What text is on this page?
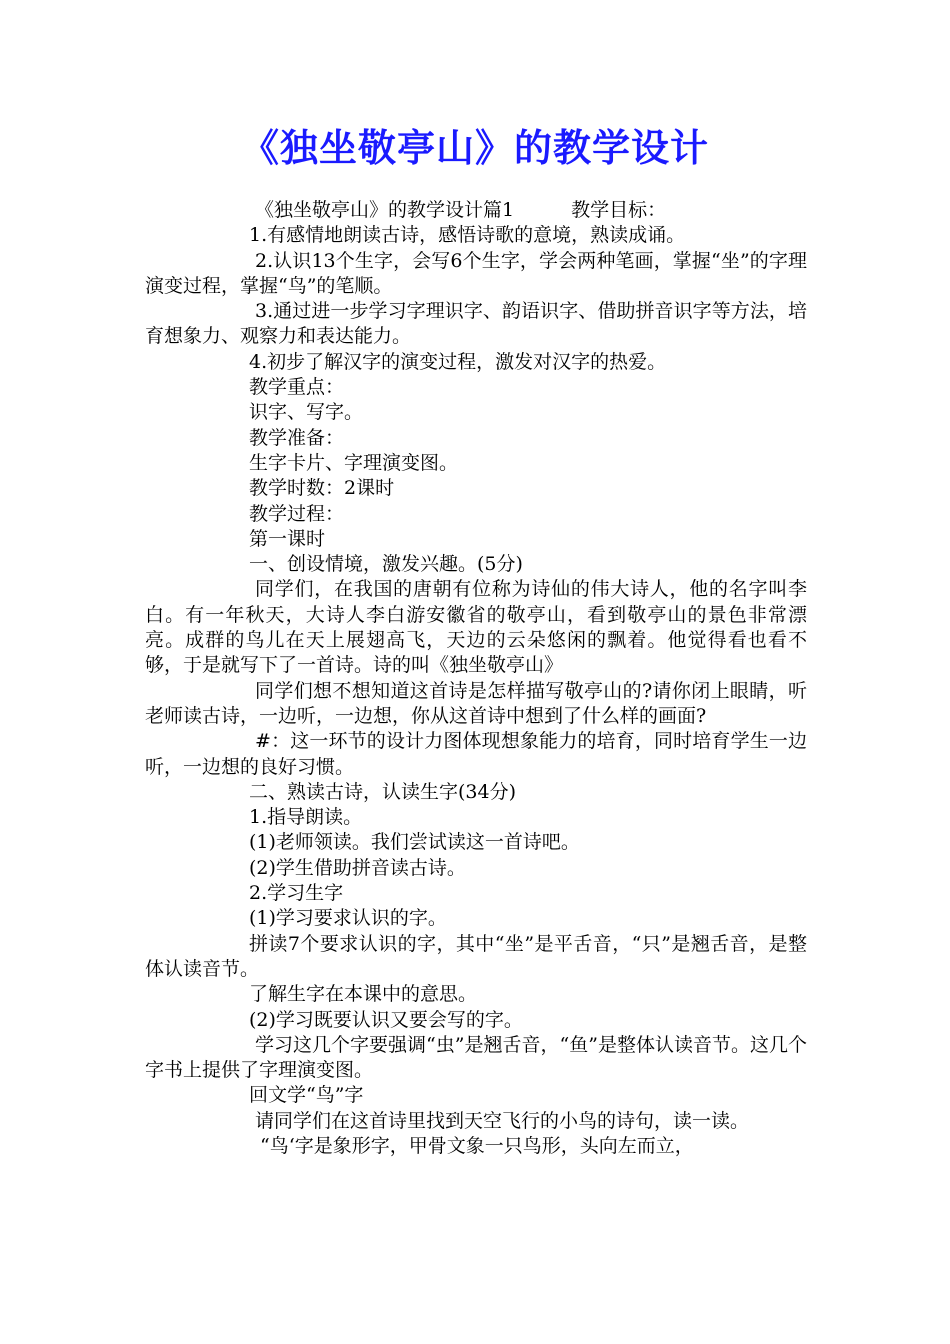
《独坐敬亭山》的教学设计

《独坐敬亭山》的教学设计篇1　　　教学目标：

1.有感情地朗读古诗，感悟诗歌的意境，熟读成诵。

2.认识13个生字，会写6个生字，学会两种笔画，掌握“坐”的字理演变过程，掌握“鸟”的笔顺。

3.通过进一步学习字理识字、韵语识字、借助拼音识字等方法，培育想象力、观察力和表达能力。

4.初步了解汉字的演变过程，激发对汉字的热爱。

教学重点：

识字、写字。

教学准备：

生字卡片、字理演变图。

教学时数：2课时

教学过程：

第一课时

一、创设情境，激发兴趣。(5分)

同学们，在我国的唐朝有位称为诗仙的伟大诗人，他的名字叫李白。有一年秋天，大诗人李白游安徽省的敬亭山，看到敬亭山的景色非常漂亮。成群的鸟儿在天上展翅高飞，天边的云朵悠闲的飘着。他觉得看也看不够，于是就写下了一首诗。诗的叫《独坐敬亭山》

同学们想不想知道这首诗是怎样描写敬亭山的?请你闭上眼睛，听老师读古诗，一边听，一边想，你从这首诗中想到了什么样的画面?

#：这一环节的设计力图体现想象能力的培育，同时培育学生一边听，一边想的良好习惯。

二、熟读古诗，认读生字(34分)

1.指导朗读。

(1)老师领读。我们尝试读这一首诗吧。

(2)学生借助拼音读古诗。

2.学习生字

(1)学习要求认识的字。

拼读7个要求认识的字，其中“坐”是平舌音，“只”是翘舌音，是整体认读音节。

了解生字在本课中的意思。

(2)学习既要认识又要会写的字。

学习这几个字要强调“虫”是翘舌音，“鱼”是整体认读音节。这几个字书上提供了字理演变图。

回文学“鸟”字

请同学们在这首诗里找到天空飞行的小鸟的诗句，读一读。

“鸟‘字是象形字，甲骨文象一只鸟形，头向左而立，
